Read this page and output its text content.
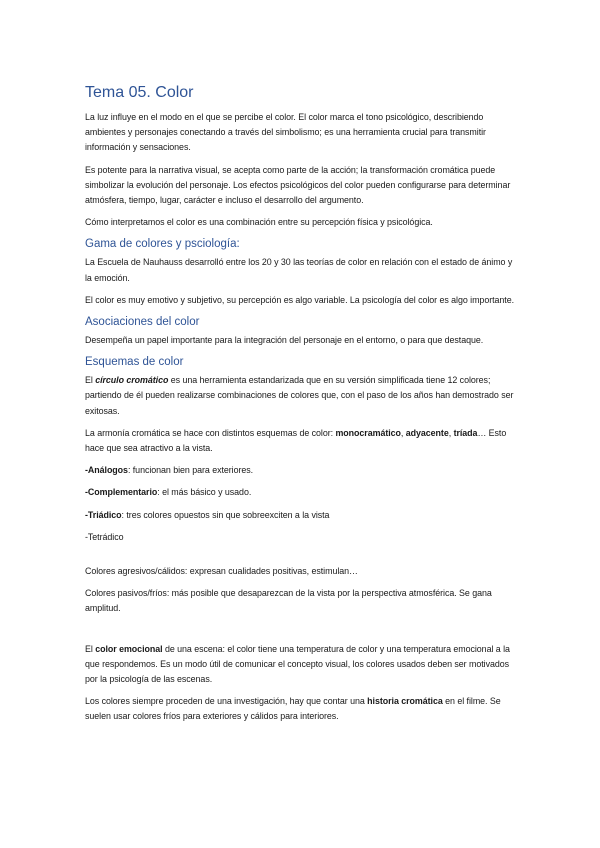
Tema 05. Color

La luz influye en el modo en el que se percibe el color. El color marca el tono psicológico, describiendo ambientes y personajes conectando a través del simbolismo; es una herramienta crucial para transmitir información y sensaciones.

Es potente para la narrativa visual, se acepta como parte de la acción; la transformación cromática puede simbolizar la evolución del personaje. Los efectos psicológicos del color pueden configurarse para determinar atmósfera, tiempo, lugar, carácter e incluso el desarrollo del argumento.

Cómo interpretamos el color es una combinación entre su percepción física y psicológica.

Gama de colores y psciología:

La Escuela de Nauhauss desarrolló entre los 20 y 30 las teorías de color en relación con el estado de ánimo y la emoción.

El color es muy emotivo y subjetivo, su percepción es algo variable. La psicología del color es algo importante.

Asociaciones del color

Desempeña un papel importante para la integración del personaje en el entorno, o para que destaque.

Esquemas de color

El círculo cromático es una herramienta estandarizada que en su versión simplificada tiene 12 colores; partiendo de él pueden realizarse combinaciones de colores que, con el paso de los años han demostrado ser exitosas.

La armonía cromática se hace con distintos esquemas de color: monocramático, adyacente, tríada… Esto hace que sea atractivo a la vista.

-Análogos: funcionan bien para exteriores.

-Complementario: el más básico y usado.

-Triádico: tres colores opuestos sin que sobreexciten a la vista

-Tetrádico

Colores agresivos/cálidos: expresan cualidades positivas, estimulan…

Colores pasivos/fríos: más posible que desaparezcan de la vista por la perspectiva atmosférica. Se gana amplitud.

El color emocional de una escena: el color tiene una temperatura de color y una temperatura emocional a la que respondemos. Es un modo útil de comunicar el concepto visual, los colores usados deben ser motivados por la psicología de las escenas.

Los colores siempre proceden de una investigación, hay que contar una historia cromática en el filme. Se suelen usar colores fríos para exteriores y cálidos para interiores.
